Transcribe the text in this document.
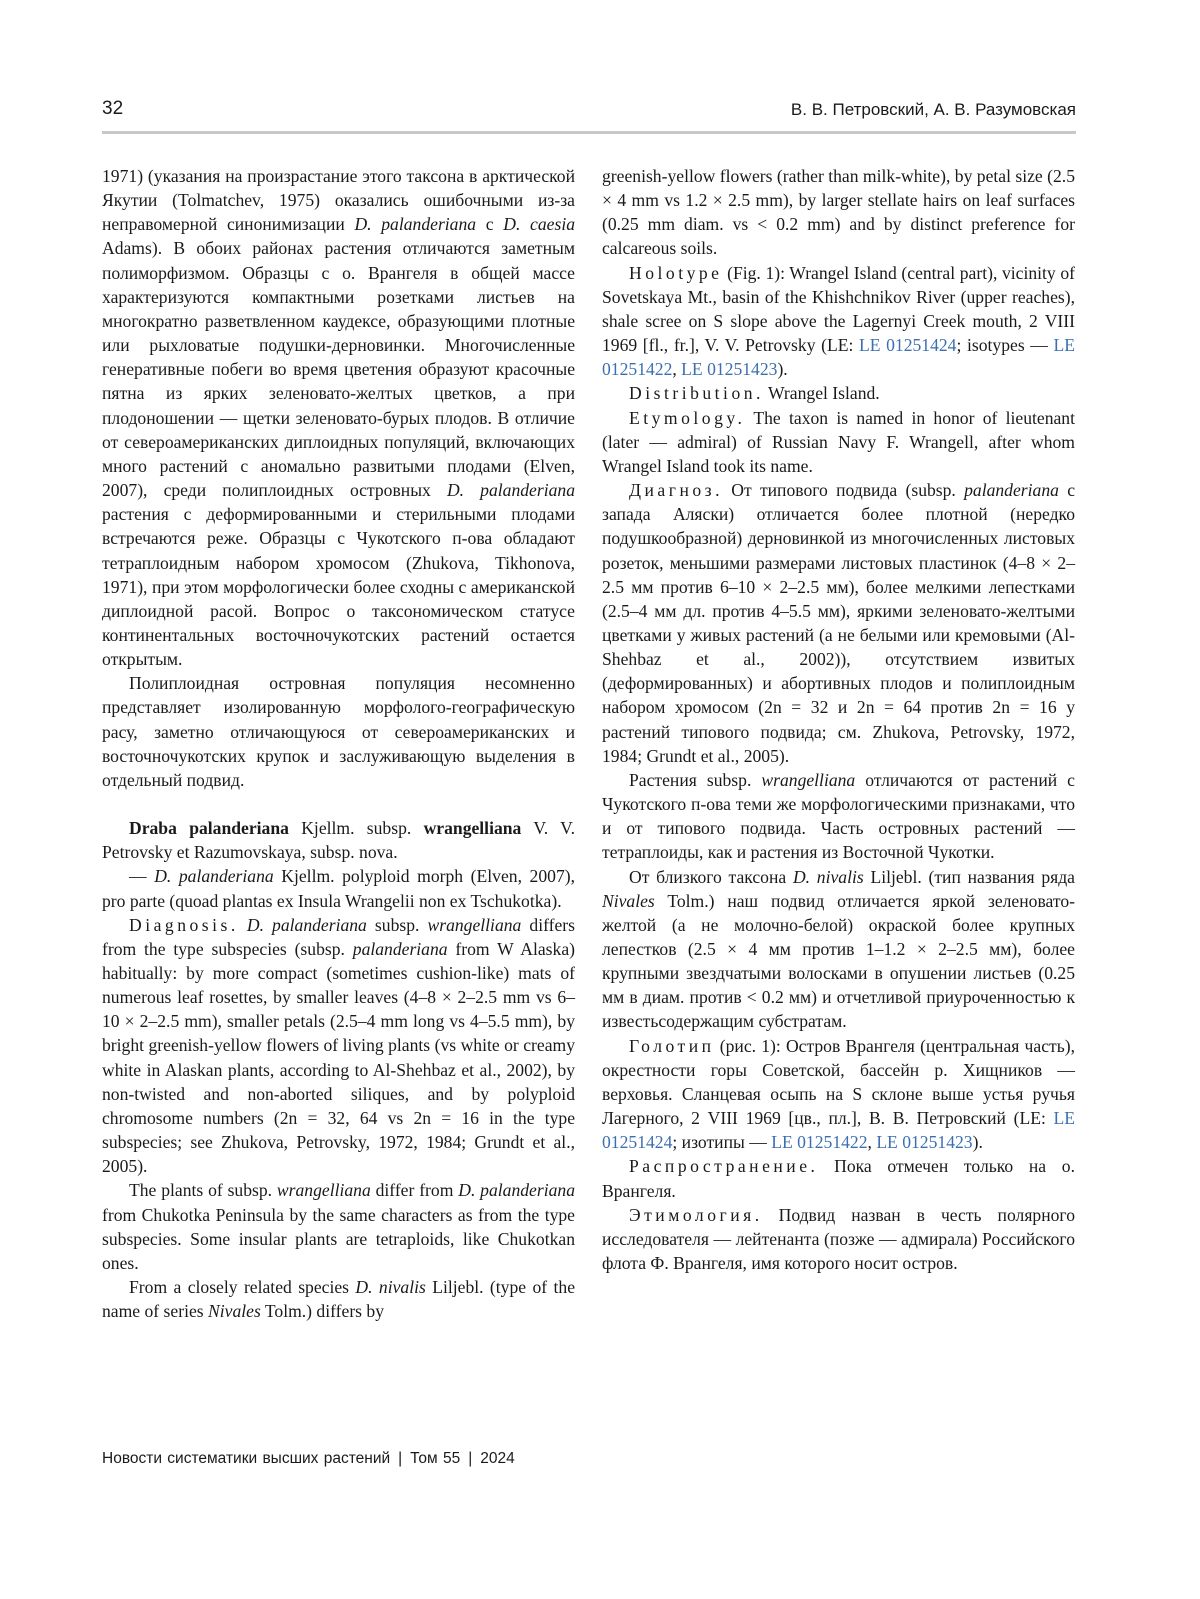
32	В. В. Петровский, А. В. Разумовская

1971) (указания на произрастание этого таксона в арктической Якутии (Tolmatchev, 1975) оказались ошибочными из-за неправомерной синонимизации D. palanderiana с D. caesia Adams). В обоих районах растения отличаются заметным полиморфизмом. Образцы с о. Врангеля в общей массе характеризуются компактными розетками листьев на многократно разветвленном каудексе, образующими плотные или рыхловатые подушки-дерновинки. Многочисленные генеративные побеги во время цветения образуют красочные пятна из ярких зеленовато-желтых цветков, а при плодоношении — щетки зеленовато-бурых плодов. В отличие от североамериканских диплоидных популяций, включающих много растений с аномально развитыми плодами (Elven, 2007), среди полиплоидных островных D. palanderiana растения с деформированными и стерильными плодами встречаются реже. Образцы с Чукотского п-ова обладают тетраплоидным набором хромосом (Zhukova, Tikhonova, 1971), при этом морфологически более сходны с американской диплоидной расой. Вопрос о таксономическом статусе континентальных восточночукотских растений остается открытым.

Полиплоидная островная популяция несомненно представляет изолированную морфолого-географическую расу, заметно отличающуюся от североамериканских и восточночукотских крупок и заслуживающую выделения в отдельный подвид.

Draba palanderiana Kjellm. subsp. wrangelliana V. V. Petrovsky et Razumovskaya, subsp. nova.

— D. palanderiana Kjellm. polyploid morph (Elven, 2007), pro parte (quoad plantas ex Insula Wrangelii non ex Tschukotka).

Diagnosis. D. palanderiana subsp. wrangelliana differs from the type subspecies (subsp. palanderiana from W Alaska) habitually: by more compact (sometimes cushion-like) mats of numerous leaf rosettes, by smaller leaves (4–8 × 2–2.5 mm vs 6–10 × 2–2.5 mm), smaller petals (2.5–4 mm long vs 4–5.5 mm), by bright greenish-yellow flowers of living plants (vs white or creamy white in Alaskan plants, according to Al-Shehbaz et al., 2002), by non-twisted and non-aborted siliques, and by polyploid chromosome numbers (2n = 32, 64 vs 2n = 16 in the type subspecies; see Zhukova, Petrovsky, 1972, 1984; Grundt et al., 2005).

The plants of subsp. wrangelliana differ from D. palanderiana from Chukotka Peninsula by the same characters as from the type subspecies. Some insular plants are tetraploids, like Chukotkan ones.

From a closely related species D. nivalis Liljebl. (type of the name of series Nivales Tolm.) differs by

greenish-yellow flowers (rather than milk-white), by petal size (2.5 × 4 mm vs 1.2 × 2.5 mm), by larger stellate hairs on leaf surfaces (0.25 mm diam. vs < 0.2 mm) and by distinct preference for calcareous soils.

Holotype (Fig. 1): Wrangel Island (central part), vicinity of Sovetskaya Mt., basin of the Khishchnikov River (upper reaches), shale scree on S slope above the Lagernyi Creek mouth, 2 VIII 1969 [fl., fr.], V. V. Petrovsky (LE: LE 01251424; isotypes — LE 01251422, LE 01251423).

Distribution. Wrangel Island.

Etymology. The taxon is named in honor of lieutenant (later — admiral) of Russian Navy F. Wrangell, after whom Wrangel Island took its name.

Диагноз. От типового подвида (subsp. palanderiana с запада Аляски) отличается более плотной (нередко подушкообразной) дерновинкой из многочисленных листовых розеток, меньшими размерами листовых пластинок (4–8 × 2–2.5 мм против 6–10 × 2–2.5 мм), более мелкими лепестками (2.5–4 мм дл. против 4–5.5 мм), яркими зеленовато-желтыми цветками у живых растений (а не белыми или кремовыми (Al-Shehbaz et al., 2002)), отсутствием извитых (деформированных) и абортивных плодов и полиплоидным набором хромосом (2n = 32 и 2n = 64 против 2n = 16 у растений типового подвида; см. Zhukova, Petrovsky, 1972, 1984; Grundt et al., 2005).

Растения subsp. wrangelliana отличаются от растений с Чукотского п-ова теми же морфологическими признаками, что и от типового подвида. Часть островных растений — тетраплоиды, как и растения из Восточной Чукотки.

От близкого таксона D. nivalis Liljebl. (тип названия ряда Nivales Tolm.) наш подвид отличается яркой зеленовато-желтой (а не молочно-белой) окраской более крупных лепестков (2.5 × 4 мм против 1–1.2 × 2–2.5 мм), более крупными звездчатыми волосками в опушении листьев (0.25 мм в диам. против < 0.2 мм) и отчетливой приуроченностью к известьсодержащим субстратам.

Голотип (рис. 1): Остров Врангеля (центральная часть), окрестности горы Советской, бассейн р. Хищников — верховья. Сланцевая осыпь на S склоне выше устья ручья Лагерного, 2 VIII 1969 [цв., пл.], В. В. Петровский (LE: LE 01251424; изотипы — LE 01251422, LE 01251423).

Распространение. Пока отмечен только на о. Врангеля.

Этимология. Подвид назван в честь полярного исследователя — лейтенанта (позже — адмирала) Российского флота Ф. Врангеля, имя которого носит остров.

Новости систематики высших растений | Том 55 | 2024
